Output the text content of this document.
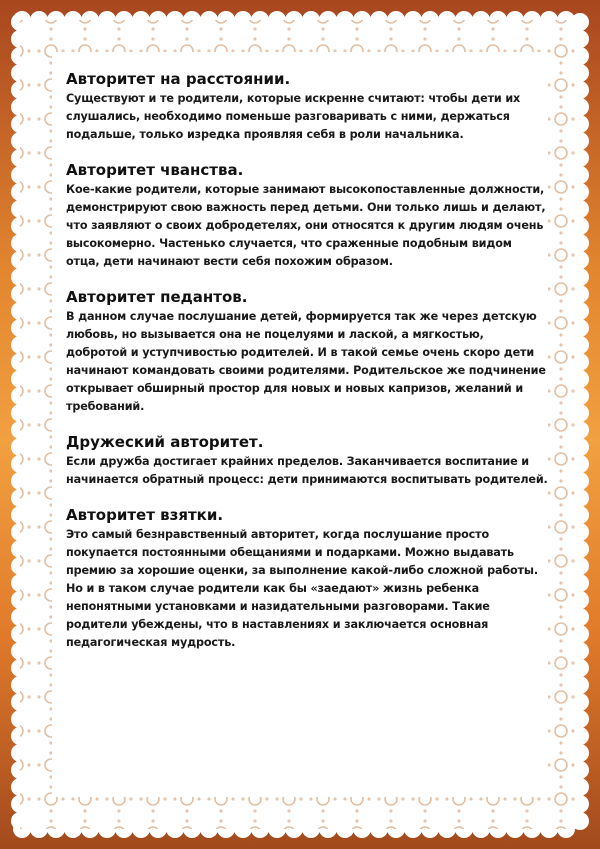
Авторитет на расстоянии.

Существуют и те родители, которые искренне считают: чтобы дети их слушались, необходимо поменьше разговаривать с ними, держаться подальше, только изредка проявляя себя в роли начальника.

Авторитет чванства.

Кое-какие родители, которые занимают высокопоставленные должности, демонстрируют свою важность перед детьми. Они только лишь и делают, что заявляют о своих добродетелях, они относятся к другим людям очень высокомерно. Частенько случается, что сраженные подобным видом отца, дети начинают вести себя похожим образом.

Авторитет педантов.

В данном случае послушание детей, формируется так же через детскую любовь, но вызывается она не поцелуями и лаской, а мягкостью, добротой и уступчивостью родителей. И в такой семье очень скоро дети начинают командовать своими родителями. Родительское же подчинение открывает обширный простор для новых и новых капризов, желаний и требований.

Дружеский авторитет.

Если дружба достигает крайних пределов. Заканчивается воспитание и начинается обратный процесс: дети принимаются воспитывать родителей.

Авторитет взятки.

Это самый безнравственный авторитет, когда послушание просто покупается постоянными обещаниями и подарками. Можно выдавать премию за хорошие оценки, за выполнение какой-либо сложной работы. Но и в таком случае родители как бы «заедают» жизнь ребенка непонятными установками и назидательными разговорами. Такие родители убеждены, что в наставлениях и заключается основная педагогическая мудрость.
